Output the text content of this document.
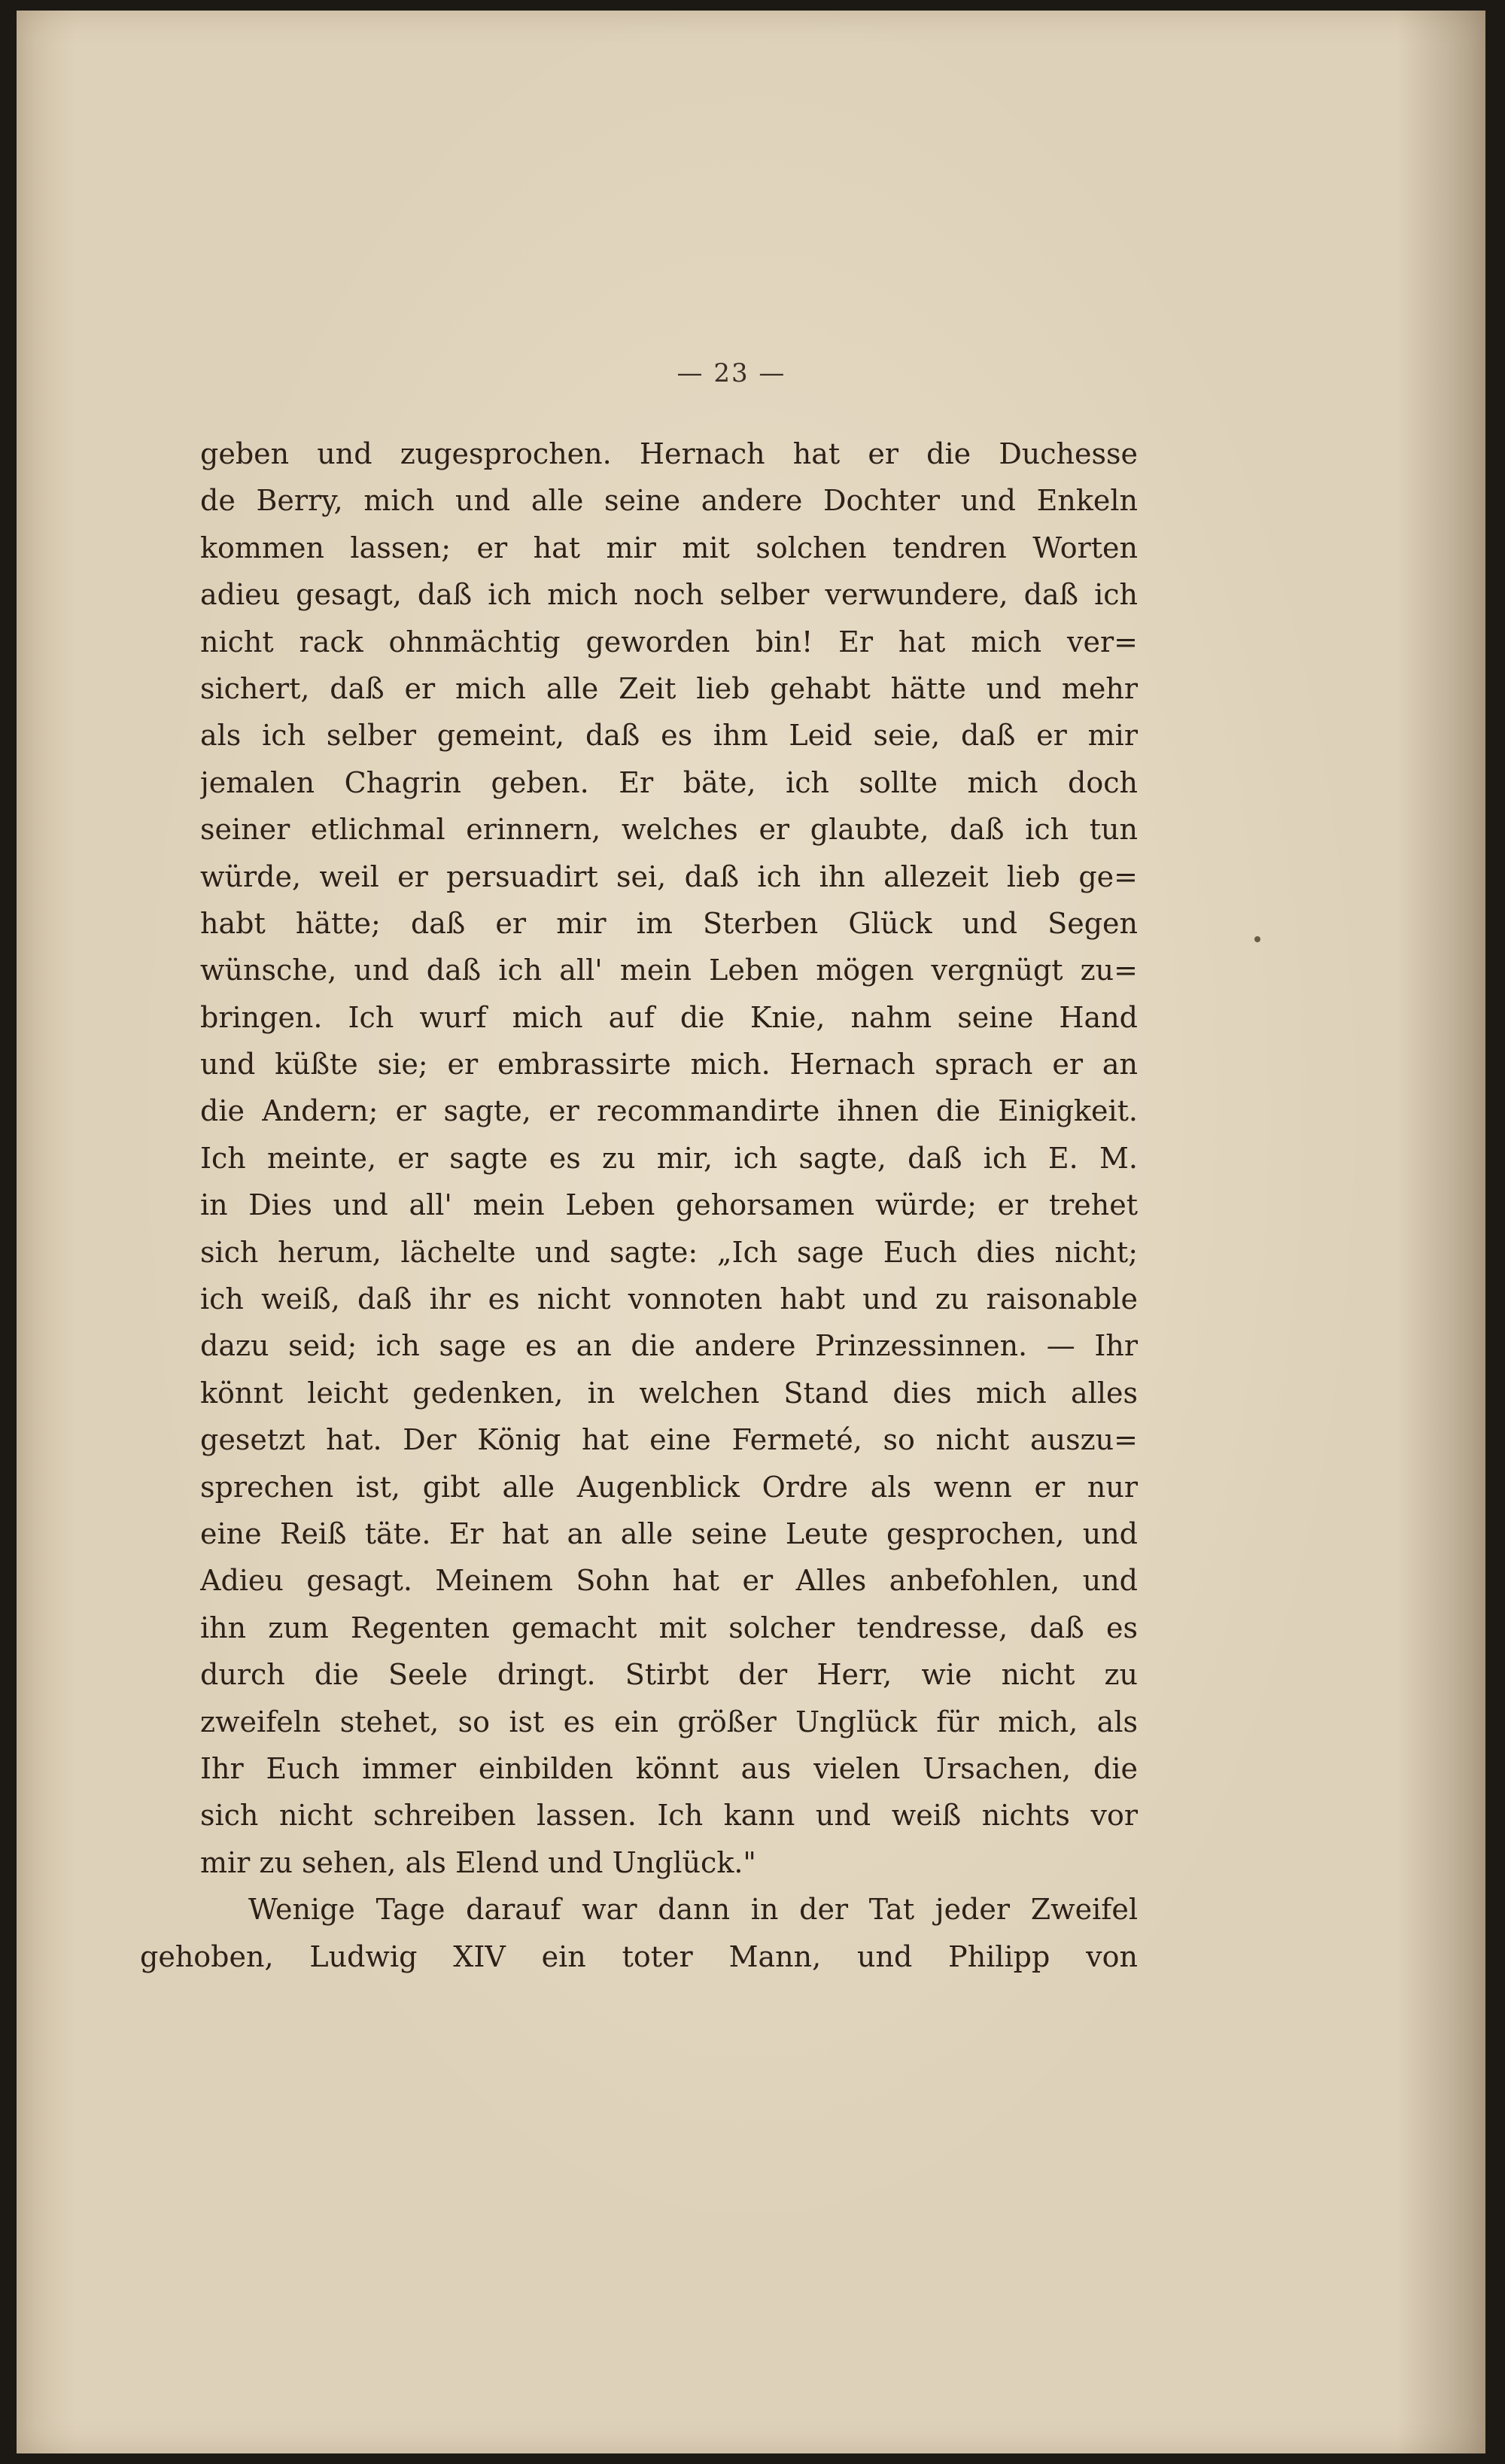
— 23 —
geben und zugesprochen. Hernach hat er die Duchesse
de Berry, mich und alle seine andere Dochter und Enkeln
kommen lassen; er hat mir mit solchen tendren Worten
adieu gesagt, daß ich mich noch selber verwundere, daß ich
nicht rack ohnmächtig geworden bin! Er hat mich ver=
sichert, daß er mich alle Zeit lieb gehabt hätte und mehr
als ich selber gemeint, daß es ihm Leid seie, daß er mir
jemalen Chagrin geben. Er bäte, ich sollte mich doch
seiner etlichmal erinnern, welches er glaubte, daß ich tun
würde, weil er persuadirt sei, daß ich ihn allezeit lieb ge=
habt hätte; daß er mir im Sterben Glück und Segen
wünsche, und daß ich all' mein Leben mögen vergnügt zu=
bringen. Ich wurf mich auf die Knie, nahm seine Hand
und küßte sie; er embrassirte mich. Hernach sprach er an
die Andern; er sagte, er recommandirte ihnen die Einigkeit.
Ich meinte, er sagte es zu mir, ich sagte, daß ich E. M.
in Dies und all' mein Leben gehorsamen würde; er trehet
sich herum, lächelte und sagte: „Ich sage Euch dies nicht;
ich weiß, daß ihr es nicht vonnoten habt und zu raisonable
dazu seid; ich sage es an die andere Prinzessinnen. — Ihr
könnt leicht gedenken, in welchen Stand dies mich alles
gesetzt hat. Der König hat eine Fermeté, so nicht auszu=
sprechen ist, gibt alle Augenblick Ordre als wenn er nur
eine Reiß täte. Er hat an alle seine Leute gesprochen, und
Adieu gesagt. Meinem Sohn hat er Alles anbefohlen, und
ihn zum Regenten gemacht mit solcher tendresse, daß es
durch die Seele dringt. Stirbt der Herr, wie nicht zu
zweifeln stehet, so ist es ein größer Unglück für mich, als
Ihr Euch immer einbilden könnt aus vielen Ursachen, die
sich nicht schreiben lassen. Ich kann und weiß nichts vor
mir zu sehen, als Elend und Unglück."
Wenige Tage darauf war dann in der Tat jeder Zweifel
gehoben, Ludwig XIV ein toter Mann, und Philipp von
